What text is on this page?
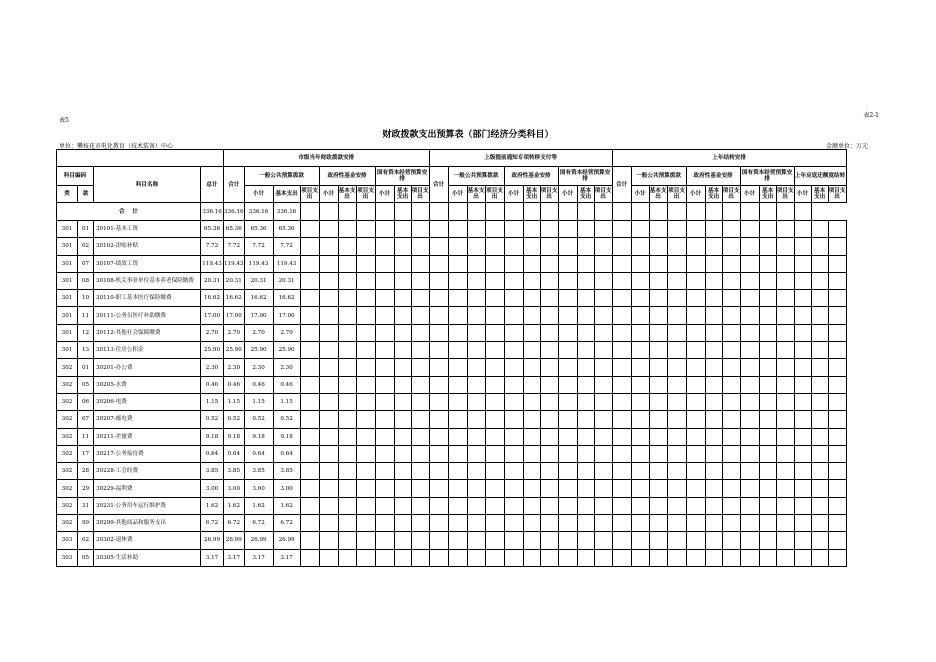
表5
表2-1
财政拨款支出预算表（部门经济分类科目）
单位：攀枝花市电化教育（技术装备）中心	金额单位：万元
				市级当年财政拨款安排										上级提前通知专项转移支付等										上年结转安排												
科目编码		科目名称	总计	合计	一般公共预算拨款			政府性基金安排			国有资本经营预算安排			合计	一般公共预算拨款			政府性基金安排			国有资本经营预算安排			合计	一般公共预算拨款			政府性基金安排			国有资本经营预算安排			上年应返还额度结转		
类	款				小计	基本支出	项目支出	小计	基本支出	项目支出	小计	基本支出	项目支出		小计	基本支出	项目支出	小计	基本支出	项目支出	小计	基本支出	项目支出		小计	基本支出	项目支出	小计	基本支出	项目支出	小计	基本支出	项目支出	小计	基本支出	项目支出
合    计			336.16	336.16	336.16	336.16																														
301	01	30101-基本工资	65.36	65.36	65.36	65.36																														
301	02	30102-津贴补贴	7.72	7.72	7.72	7.72																														
301	07	30107-绩效工资	119.43	119.43	119.43	119.43																														
301	08	30108-机关事业单位基本养老保险缴费	20.31	20.31	20.31	20.31																														
301	10	30110-职工基本医疗保险缴费	16.62	16.62	16.62	16.62																														
301	11	30111-公务员医疗补助缴费	17.00	17.00	17.00	17.00																														
301	12	30112-其他社会保障缴费	2.70	2.70	2.70	2.70																														
301	13	30113-住房公积金	25.90	25.90	25.90	25.90																														
302	01	30201-办公费	2.30	2.30	2.30	2.30																														
302	05	30205-水费	0.46	0.46	0.46	0.46																														
302	06	30206-电费	1.15	1.15	1.15	1.15																														
302	07	30207-邮电费	0.52	0.52	0.52	0.52																														
302	11	30211-差旅费	9.18	9.18	9.18	9.18																														
302	17	30217-公务接待费	0.64	0.64	0.64	0.64																														
302	28	30228-工会经费	3.85	3.85	3.85	3.85																														
302	29	30229-福利费	3.00	3.00	3.00	3.00																														
302	31	30231-公务用车运行维护费	1.62	1.62	1.62	1.62																														
302	99	30299-其他商品和服务支出	6.72	6.72	6.72	6.72																														
303	02	30302-退休费	26.99	26.99	26.99	26.99																														
303	05	30305-生活补助	3.17	3.17	3.17	3.17																														
